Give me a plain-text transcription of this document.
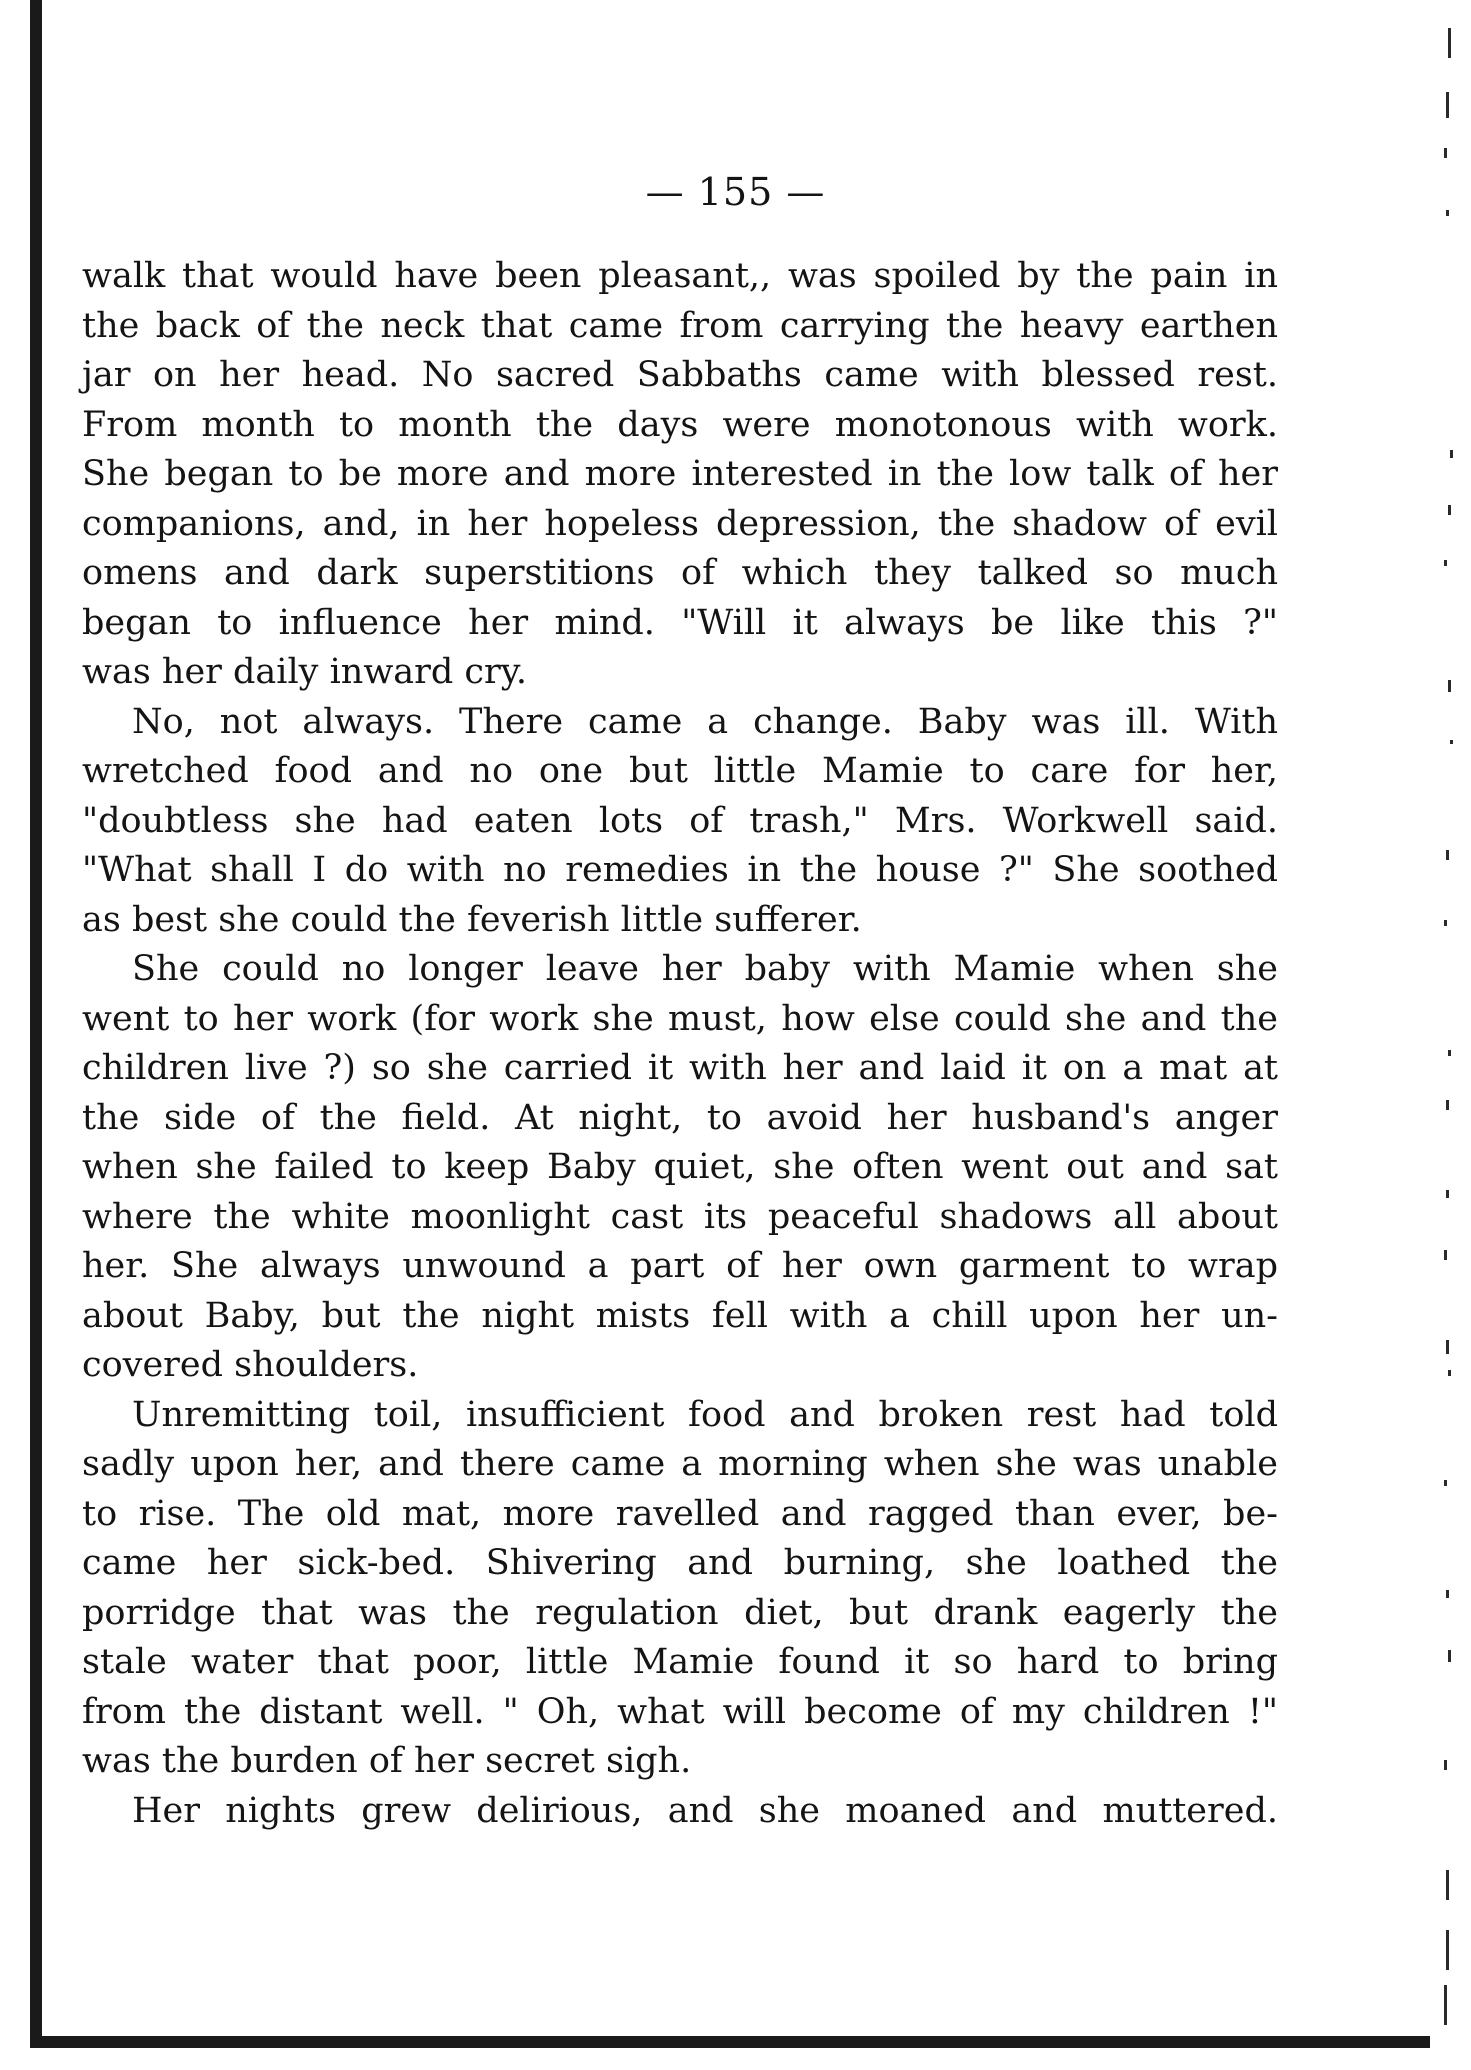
— 155 —
walk that would have been pleasant,, was spoiled by the pain in
the back of the neck that came from carrying the heavy earthen
jar on her head. No sacred Sabbaths came with blessed rest.
From month to month the days were monotonous with work.
She began to be more and more interested in the low talk of her
companions, and, in her hopeless depression, the shadow of evil
omens and dark superstitions of which they talked so much
began to influence her mind. "Will it always be like this ?"
was her daily inward cry.
No, not always. There came a change. Baby was ill. With
wretched food and no one but little Mamie to care for her,
"doubtless she had eaten lots of trash," Mrs. Workwell said.
"What shall I do with no remedies in the house ?" She soothed
as best she could the feverish little sufferer.
She could no longer leave her baby with Mamie when she
went to her work (for work she must, how else could she and the
children live ?) so she carried it with her and laid it on a mat at
the side of the field. At night, to avoid her husband's anger
when she failed to keep Baby quiet, she often went out and sat
where the white moonlight cast its peaceful shadows all about
her. She always unwound a part of her own garment to wrap
about Baby, but the night mists fell with a chill upon her un-
covered shoulders.
Unremitting toil, insufficient food and broken rest had told
sadly upon her, and there came a morning when she was unable
to rise. The old mat, more ravelled and ragged than ever, be-
came her sick-bed. Shivering and burning, she loathed the
porridge that was the regulation diet, but drank eagerly the
stale water that poor, little Mamie found it so hard to bring
from the distant well. " Oh, what will become of my children !"
was the burden of her secret sigh.
Her nights grew delirious, and she moaned and muttered.
